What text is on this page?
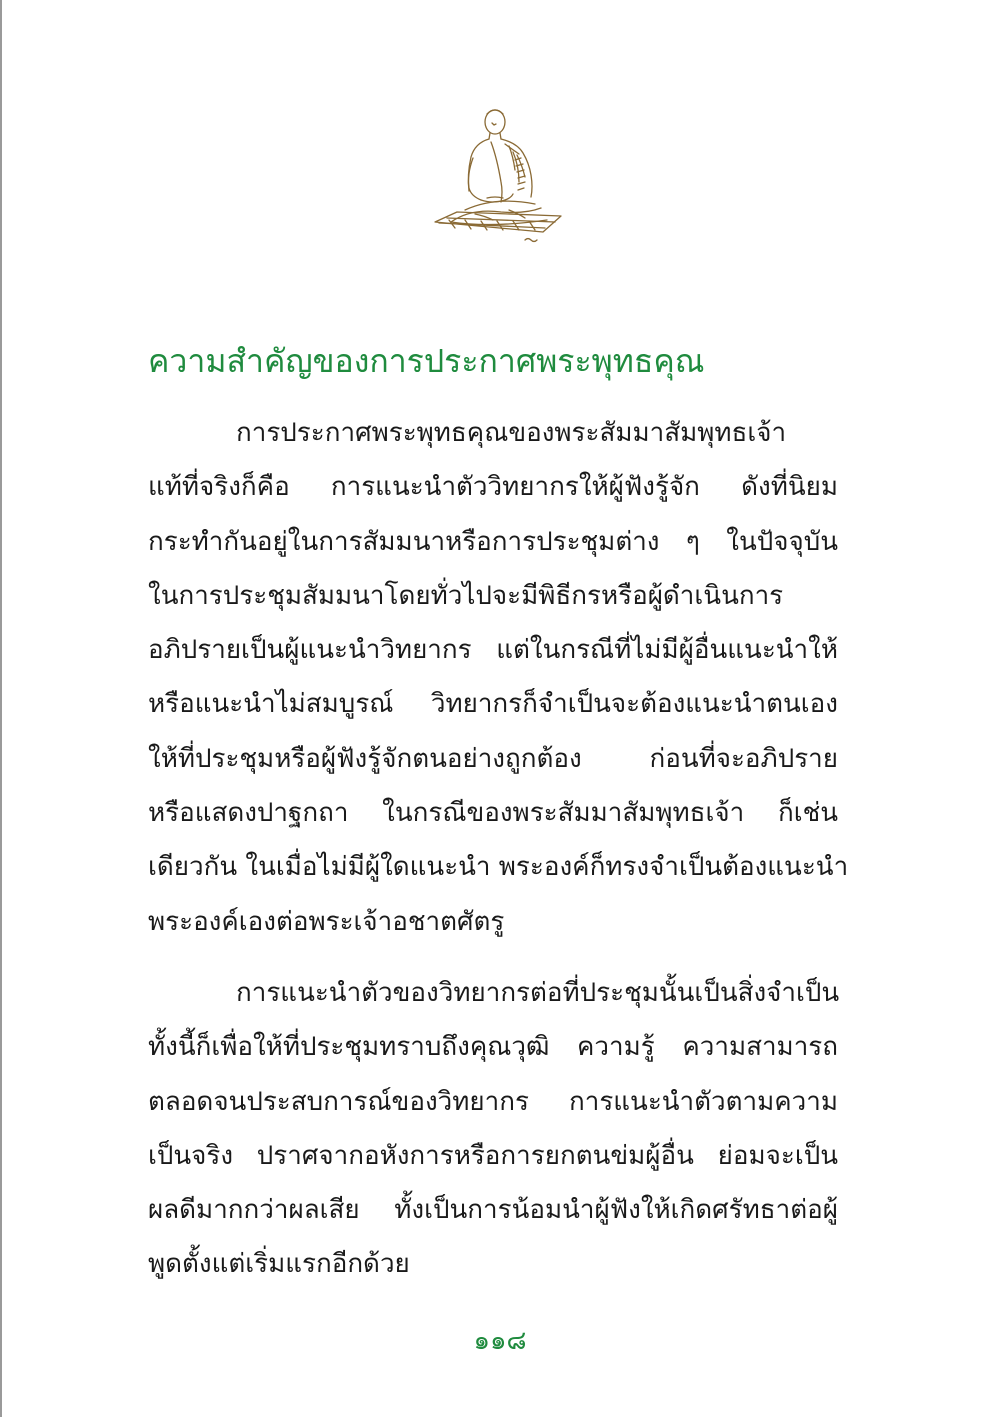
ความสำคัญของการประกาศพระพุทธคุณ
การประกาศพระพุทธคุณของพระสัมมาสัมพุทธเจ้า
แท้ที่จริงก็คือ การแนะนำตัววิทยากรให้ผู้ฟังรู้จัก ดังที่นิยม
กระทำกันอยู่ในการสัมมนาหรือการประชุมต่าง ๆ ในปัจจุบัน
ในการประชุมสัมมนาโดยทั่วไปจะมีพิธีกรหรือผู้ดำเนินการ
อภิปรายเป็นผู้แนะนำวิทยากร แต่ในกรณีที่ไม่มีผู้อื่นแนะนำให้
หรือแนะนำไม่สมบูรณ์ วิทยากรก็จำเป็นจะต้องแนะนำตนเอง
ให้ที่ประชุมหรือผู้ฟังรู้จักตนอย่างถูกต้อง ก่อนที่จะอภิปราย
หรือแสดงปาฐกถา ในกรณีของพระสัมมาสัมพุทธเจ้า ก็เช่น
เดียวกัน ในเมื่อไม่มีผู้ใดแนะนำ พระองค์ก็ทรงจำเป็นต้องแนะนำ
พระองค์เองต่อพระเจ้าอชาตศัตรู
การแนะนำตัวของวิทยากรต่อที่ประชุมนั้นเป็นสิ่งจำเป็น
ทั้งนี้ก็เพื่อให้ที่ประชุมทราบถึงคุณวุฒิ ความรู้ ความสามารถ
ตลอดจนประสบการณ์ของวิทยากร การแนะนำตัวตามความ
เป็นจริง ปราศจากอหังการหรือการยกตนข่มผู้อื่น ย่อมจะเป็น
ผลดีมากกว่าผลเสีย ทั้งเป็นการน้อมนำผู้ฟังให้เกิดศรัทธาต่อผู้
พูดตั้งแต่เริ่มแรกอีกด้วย
๑๑๘
